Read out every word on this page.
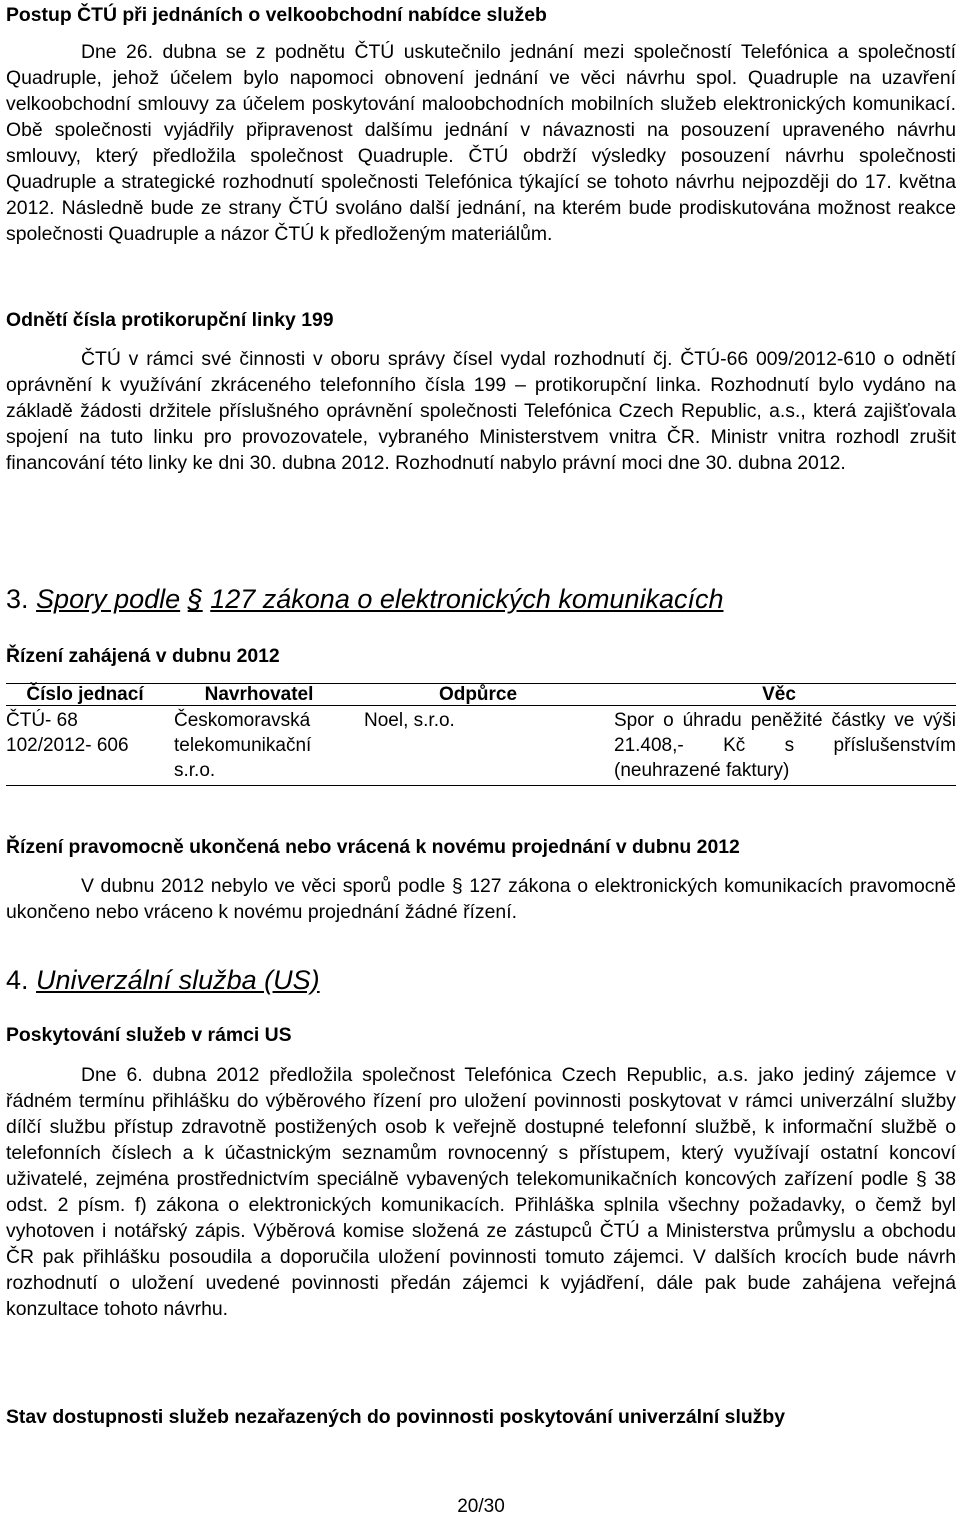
Postup ČTÚ při jednáních o velkoobchodní nabídce služeb

Dne 26. dubna se z podnětu ČTÚ uskutečnilo jednání mezi společností Telefónica a společností Quadruple, jehož účelem bylo napomoci obnovení jednání ve věci návrhu spol. Quadruple na uzavření velkoobchodní smlouvy za účelem poskytování maloobchodních mobilních služeb elektronických komunikací. Obě společnosti vyjádřily připravenost dalšímu jednání v návaznosti na posouzení upraveného návrhu smlouvy, který předložila společnost Quadruple. ČTÚ obdrží výsledky posouzení návrhu společnosti Quadruple a strategické rozhodnutí společnosti Telefónica týkající se tohoto návrhu nejpozději do 17. května 2012. Následně bude ze strany ČTÚ svoláno další jednání, na kterém bude prodiskutována možnost reakce společnosti Quadruple a názor ČTÚ k předloženým materiálům.

Odnětí čísla protikorupční linky 199

ČTÚ v rámci své činnosti v oboru správy čísel vydal rozhodnutí čj. ČTÚ-66 009/2012-610 o odnětí oprávnění k využívání zkráceného telefonního čísla 199 – protikorupční linka. Rozhodnutí bylo vydáno na základě žádosti držitele příslušného oprávnění společnosti Telefónica Czech Republic, a.s., která zajišťovala spojení na tuto linku pro provozovatele, vybraného Ministerstvem vnitra ČR. Ministr vnitra rozhodl zrušit financování této linky ke dni 30. dubna 2012. Rozhodnutí nabylo právní moci dne 30. dubna 2012.

3. Spory podle § 127 zákona o elektronických komunikacích
Řízení zahájená v dubnu 2012
Číslo jednací	Navrhovatel	Odpůrce	Věc
ČTÚ- 68 102/2012- 606	Českomoravská telekomunikační s.r.o.	Noel, s.r.o.	Spor o úhradu peněžité částky ve výši 21.408,- Kč s příslušenstvím (neuhrazené faktury)
Řízení pravomocně ukončená nebo vrácená k novému projednání v dubnu 2012

V dubnu 2012 nebylo ve věci sporů podle § 127 zákona o elektronických komunikacích pravomocně ukončeno nebo vráceno k novému projednání žádné řízení.

4. Univerzální služba (US)
Poskytování služeb v rámci US

Dne 6. dubna 2012 předložila společnost Telefónica Czech Republic, a.s. jako jediný zájemce v řádném termínu přihlášku do výběrového řízení pro uložení povinnosti poskytovat v rámci univerzální služby dílčí službu přístup zdravotně postižených osob k veřejně dostupné telefonní službě, k informační službě o telefonních číslech a k účastnickým seznamům rovnocenný s přístupem, který využívají ostatní koncoví uživatelé, zejména prostřednictvím speciálně vybavených telekomunikačních koncových zařízení podle § 38 odst. 2 písm. f) zákona o elektronických komunikacích. Přihláška splnila všechny požadavky, o čemž byl vyhotoven i notářský zápis. Výběrová komise složená ze zástupců ČTÚ a Ministerstva průmyslu a obchodu ČR pak přihlášku posoudila a doporučila uložení povinnosti tomuto zájemci. V dalších krocích bude návrh rozhodnutí o uložení uvedené povinnosti předán zájemci k vyjádření, dále pak bude zahájena veřejná konzultace tohoto návrhu.

Stav dostupnosti služeb nezařazených do povinnosti poskytování univerzální služby
20/30
